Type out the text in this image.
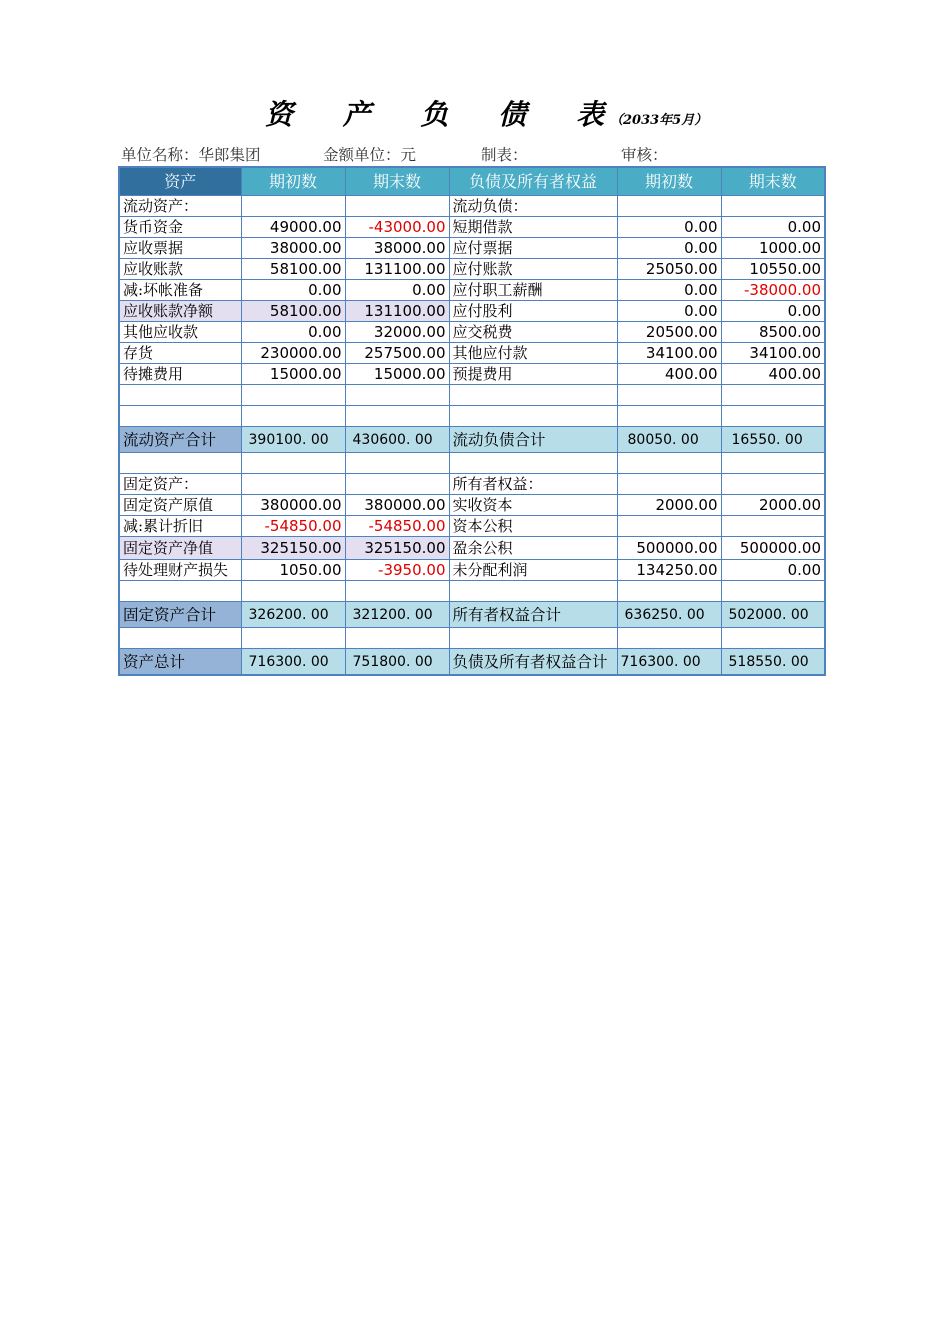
资 产 负 债 表（2033年5月）
单位名称：华郎集团	金额单位：元	制表：	审核：
资产	期初数	期末数	负债及所有者权益	期初数	期末数
流动资产：			流动负债：		
货币资金	49000.00	-43000.00	短期借款	0.00	0.00
应收票据	38000.00	38000.00	应付票据	0.00	1000.00
应收账款	58100.00	131100.00	应付账款	25050.00	10550.00
减:坏帐准备	0.00	0.00	应付职工薪酬	0.00	-38000.00
应收账款净额	58100.00	131100.00	应付股利	0.00	0.00
其他应收款	0.00	32000.00	应交税费	20500.00	8500.00
存货	230000.00	257500.00	其他应付款	34100.00	34100.00
待摊费用	15000.00	15000.00	预提费用	400.00	400.00

流动资产合计	390100. 00	430600. 00	流动负债合计	80050. 00	16550. 00

固定资产：			所有者权益：		
固定资产原值	380000.00	380000.00	实收资本	2000.00	2000.00
减:累计折旧	-54850.00	-54850.00	资本公积		
固定资产净值	325150.00	325150.00	盈余公积	500000.00	500000.00
待处理财产损失	1050.00	-3950.00	未分配利润	134250.00	0.00

固定资产合计	326200. 00	321200. 00	所有者权益合计	636250. 00	502000. 00

资产总计	716300. 00	751800. 00	负债及所有者权益合计	716300. 00	518550. 00
